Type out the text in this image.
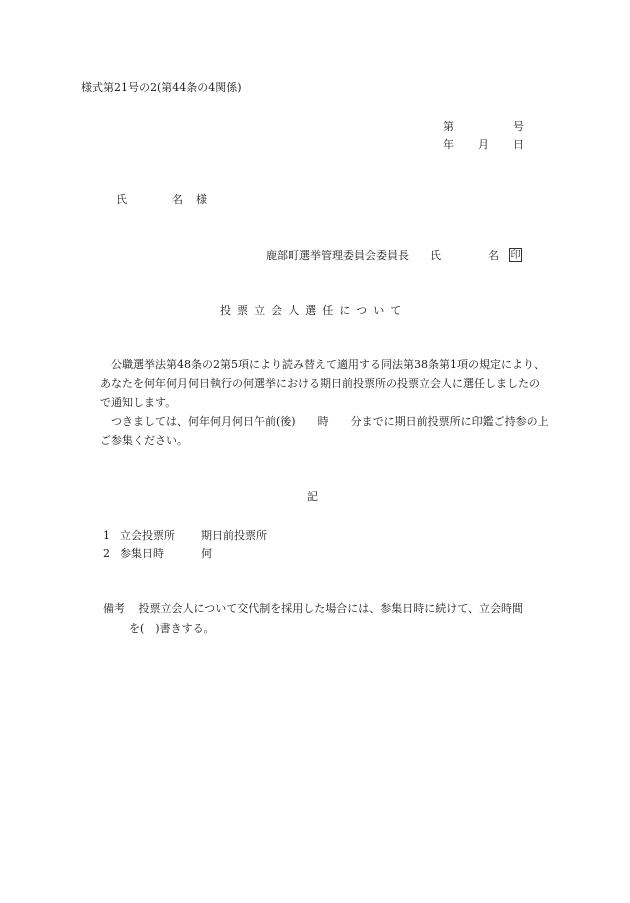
様式第21号の2(第44条の4関係)
第	号
年 月 日
氏	名 様
鹿部町選挙管理委員会委員長 氏	名 印
投票立会人選任について
公職選挙法第48条の2第5項により読み替えて適用する同法第38条第1項の規定により、あなたを何年何月何日執行の何選挙における期日前投票所の投票立会人に選任しましたので通知します。
つきましては、何年何月何日午前(後)　　時　　分までに期日前投票所に印鑑ご持参の上ご参集ください。
記
1 立会投票所 期日前投票所
2 参集日時	何
備考 投票立会人について交代制を採用した場合には、参集日時に続けて、立会時間
を(　)書きする。
